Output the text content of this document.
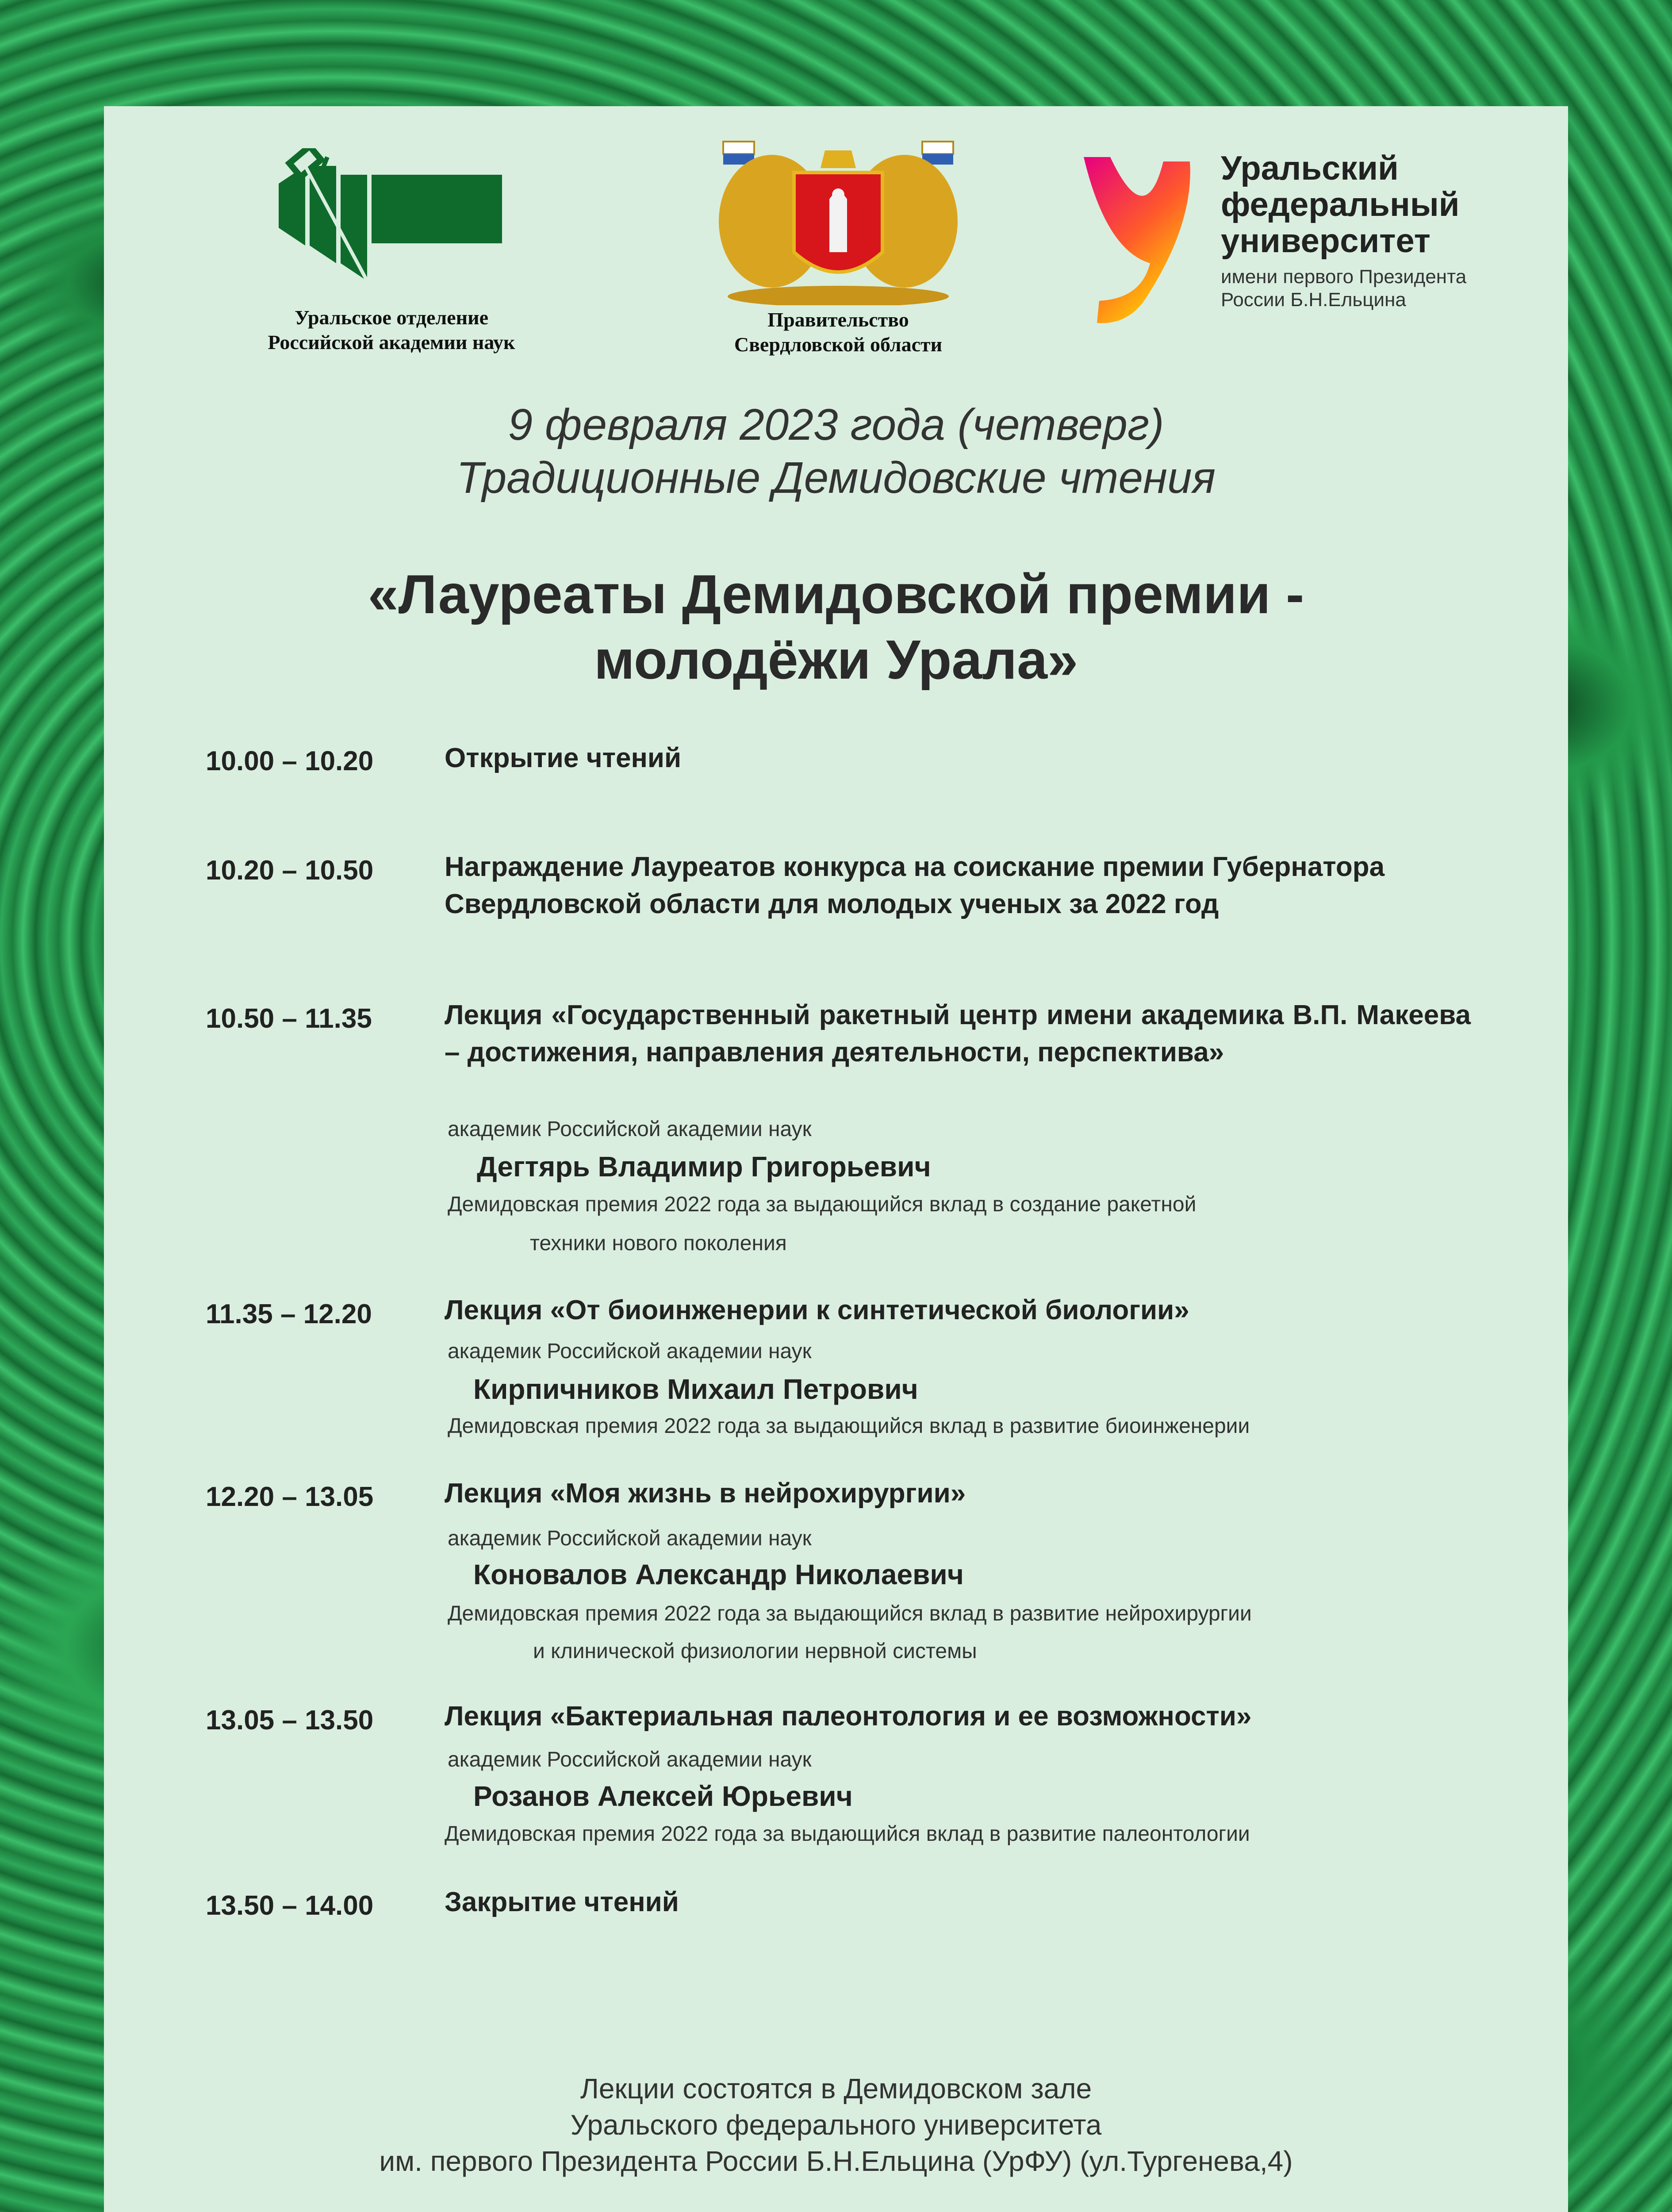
Уральское отделение
Российской академии наук
Правительство
Свердловской области
Уральский
федеральный
университет
имени первого Президента
России Б.Н.Ельцина
9 февраля 2023 года (четверг)
Традиционные Демидовские чтения
«Лауреаты Демидовской премии -
молодёжи Урала»
10.00 – 10.20	Открытие чтений
10.20 – 10.50	Награждение Лауреатов конкурса на соискание премии Губернатора Свердловской области для молодых ученых за 2022 год
10.50 – 11.35	Лекция «Государственный ракетный центр имени академика В.П. Макеева – достижения, направления деятельности, перспектива»
академик Российской академии наук
Дегтярь Владимир Григорьевич
Демидовская премия 2022 года за выдающийся вклад в создание ракетной
техники нового поколения
11.35 – 12.20	Лекция «От биоинженерии к синтетической биологии»
академик Российской академии наук
Кирпичников Михаил Петрович
Демидовская премия 2022 года за выдающийся вклад в развитие биоинженерии
12.20 – 13.05	Лекция «Моя жизнь в нейрохирургии»
академик Российской академии наук
Коновалов Александр Николаевич
Демидовская премия 2022 года за выдающийся вклад в развитие нейрохирургии
и клинической физиологии нервной системы
13.05 – 13.50	Лекция «Бактериальная палеонтология и ее возможности»
академик Российской академии наук
Розанов Алексей Юрьевич
Демидовская премия 2022 года за выдающийся вклад в развитие палеонтологии
13.50 – 14.00	Закрытие чтений
Лекции состоятся в Демидовском зале
Уральского федерального университета
им. первого Президента России Б.Н.Ельцина (УрФУ) (ул.Тургенева,4)
